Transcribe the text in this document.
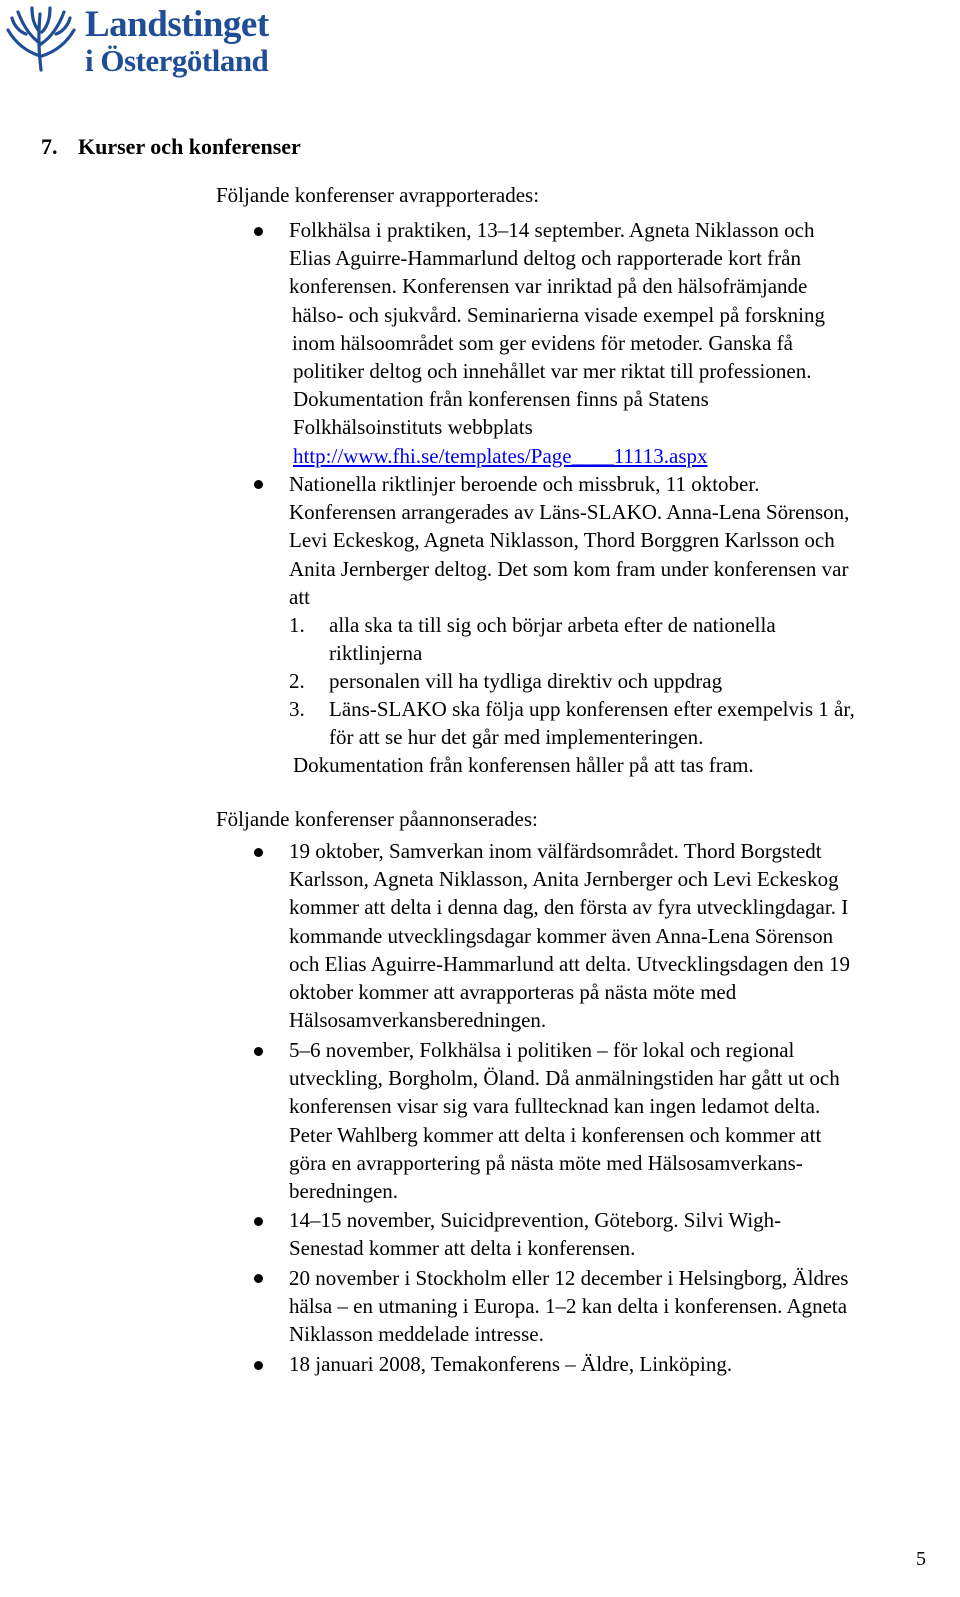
Landstinget
i Östergötland
7. Kurser och konferenser
Följande konferenser avrapporterades:
Folkhälsa i praktiken, 13–14 september. Agneta Niklasson och
Elias Aguirre-Hammarlund deltog och rapporterade kort från
konferensen. Konferensen var inriktad på den hälsofrämjande
hälso- och sjukvård. Seminarierna visade exempel på forskning
inom hälsoområdet som ger evidens för metoder. Ganska få
politiker deltog och innehållet var mer riktat till professionen.
Dokumentation från konferensen finns på Statens
Folkhälsoinstituts webbplats
http://www.fhi.se/templates/Page____11113.aspx
Nationella riktlinjer beroende och missbruk, 11 oktober.
Konferensen arrangerades av Läns-SLAKO. Anna-Lena Sörenson,
Levi Eckeskog, Agneta Niklasson, Thord Borggren Karlsson och
Anita Jernberger deltog. Det som kom fram under konferensen var
att
1. alla ska ta till sig och börjar arbeta efter de nationella
riktlinjerna
2. personalen vill ha tydliga direktiv och uppdrag
3. Läns-SLAKO ska följa upp konferensen efter exempelvis 1 år,
för att se hur det går med implementeringen.
Dokumentation från konferensen håller på att tas fram.
Följande konferenser påannonserades:
19 oktober, Samverkan inom välfärdsområdet. Thord Borgstedt
Karlsson, Agneta Niklasson, Anita Jernberger och Levi Eckeskog
kommer att delta i denna dag, den första av fyra utvecklingdagar. I
kommande utvecklingsdagar kommer även Anna-Lena Sörenson
och Elias Aguirre-Hammarlund att delta. Utvecklingsdagen den 19
oktober kommer att avrapporteras på nästa möte med
Hälsosamverkansberedningen.
5–6 november, Folkhälsa i politiken – för lokal och regional
utveckling, Borgholm, Öland. Då anmälningstiden har gått ut och
konferensen visar sig vara fulltecknad kan ingen ledamot delta.
Peter Wahlberg kommer att delta i konferensen och kommer att
göra en avrapportering på nästa möte med Hälsosamverkans-
beredningen.
14–15 november, Suicidprevention, Göteborg. Silvi Wigh-
Senestad kommer att delta i konferensen.
20 november i Stockholm eller 12 december i Helsingborg, Äldres
hälsa – en utmaning i Europa. 1–2 kan delta i konferensen. Agneta
Niklasson meddelade intresse.
18 januari 2008, Temakonferens – Äldre, Linköping.
5
